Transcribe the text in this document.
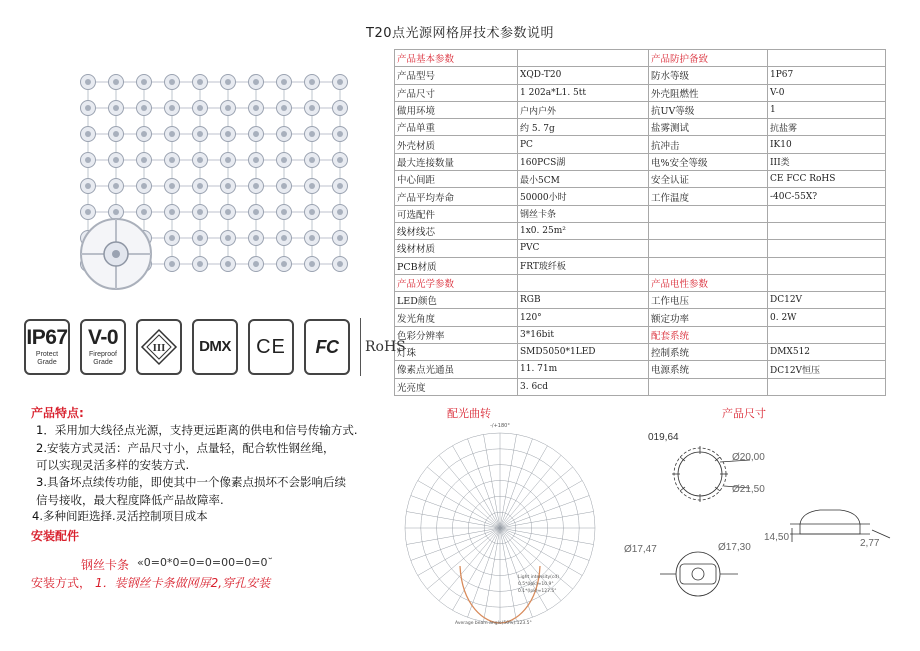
T20点光源网格屏技术参数说明
产品基本参数		产品防护备致	
产品型号	XQD-T20	防水等级	1P67
产品尺寸	1 202a*L1. 5tt	外壳阻燃性	V-0
做用环境	户内户外	抗UV等级	1
产品单重	约 5. 7g	盐雾测试	抗盐雾
外壳材质	PC	抗冲击	IK10
最大连接数量	160PCS湖	电%安全等级	III类
中心间距	最小5CM	安全认证	CE FCC RoHS
产品平均寿命	50000小时	工作温度	-40C-55X?
可选配件	钢丝卡条		
线材线芯	1x0. 25m²		
线材材质	PVC		
PCB材质	FRT玻纤板		
产品光学参数		产品电性参数	
LED颜色	RGB	工作电压	DC12V
发光角度	120°	额定功率	0. 2W
色彩分辨率	3*16bit	配套系统	
灯珠	SMD5050*1LED	控制系统	DMX512
像素点光通虽	11. 71m	电源系统	DC12V恒压
光亮度	3. 6cd		
IP67
Protect
Grade
V-0
Fireproof
Grade
III DMX CE FC	RoHS
产品特点:
1．采用加大线径点光源，支持更远距离的供电和信号传输方式.
2.安装方式灵活：产品尺寸小，点量轻，配合软性钢丝绳，
可以实现灵活多样的安装方式.
3.具备坏点续传功能，即使其中一个像素点损坏不会影响后续
信号接收，最大程度降低产品故障率.
4.多种间距选择.灵活控制项目成本
安装配件
钢丝卡条 «0=0*0=0=0=00=0=0˘
安装方式， 1．装钢丝卡条做网屏2,穿孔安装
配光曲转
-/+180°
Light intensity(cd)
0.5*(lpk)≈10.9°
0.1*(lpk)≈127.5°
Average beam angle(50%):123.5°
产品尺寸
019,64
Ø20,00
Ø21,50
14,50
2,77
Ø17,47	Ø17,30
